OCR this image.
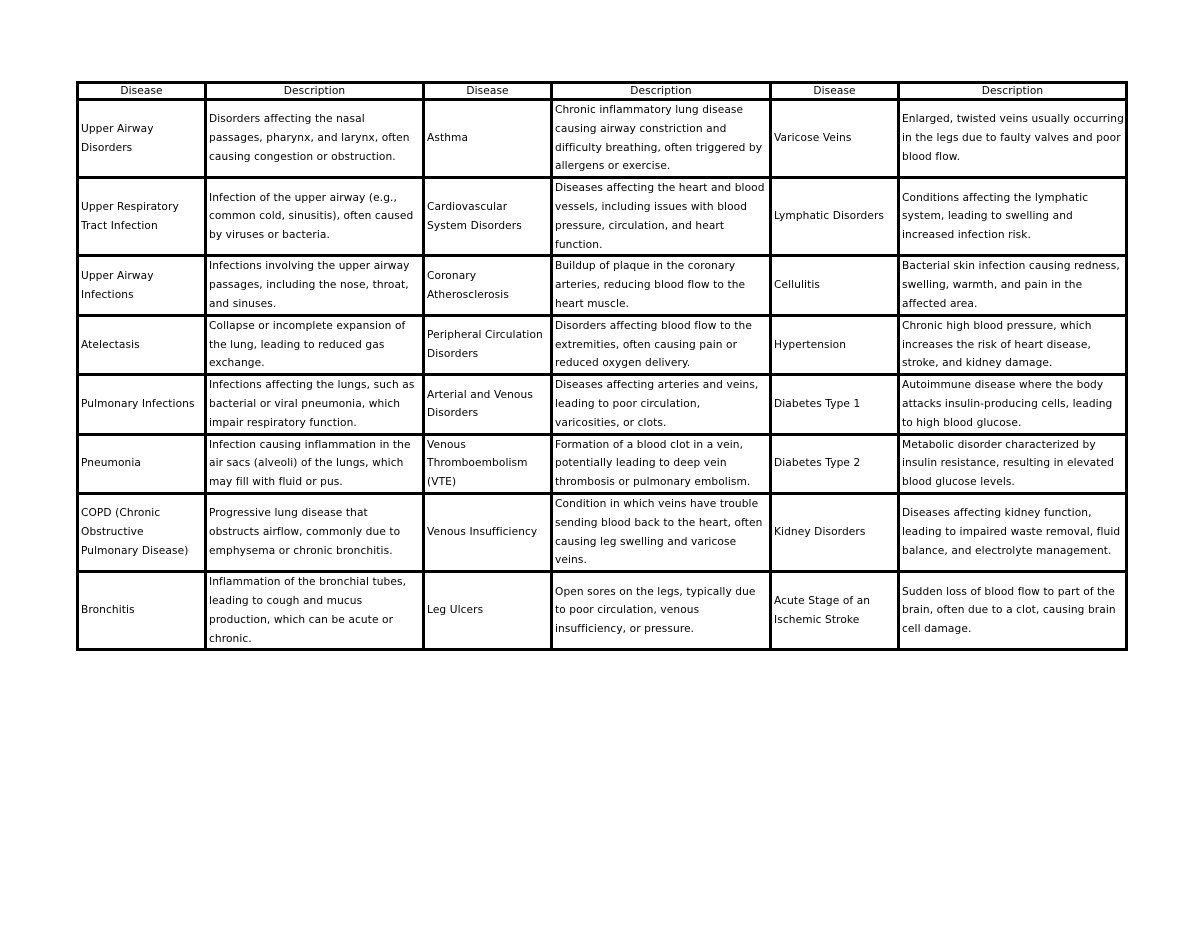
Disease	Description	Disease	Description	Disease	Description
Upper Airway Disorders	Disorders affecting the nasal passages, pharynx, and larynx, often causing congestion or obstruction.	Asthma	Chronic inflammatory lung disease causing airway constriction and difficulty breathing, often triggered by allergens or exercise.	Varicose Veins	Enlarged, twisted veins usually occurring in the legs due to faulty valves and poor blood flow.
Upper Respiratory Tract Infection	Infection of the upper airway (e.g., common cold, sinusitis), often caused by viruses or bacteria.	Cardiovascular System Disorders	Diseases affecting the heart and blood vessels, including issues with blood pressure, circulation, and heart function.	Lymphatic Disorders	Conditions affecting the lymphatic system, leading to swelling and increased infection risk.
Upper Airway Infections	Infections involving the upper airway passages, including the nose, throat, and sinuses.	Coronary Atherosclerosis	Buildup of plaque in the coronary arteries, reducing blood flow to the heart muscle.	Cellulitis	Bacterial skin infection causing redness, swelling, warmth, and pain in the affected area.
Atelectasis	Collapse or incomplete expansion of the lung, leading to reduced gas exchange.	Peripheral Circulation Disorders	Disorders affecting blood flow to the extremities, often causing pain or reduced oxygen delivery.	Hypertension	Chronic high blood pressure, which increases the risk of heart disease, stroke, and kidney damage.
Pulmonary Infections	Infections affecting the lungs, such as bacterial or viral pneumonia, which impair respiratory function.	Arterial and Venous Disorders	Diseases affecting arteries and veins, leading to poor circulation, varicosities, or clots.	Diabetes Type 1	Autoimmune disease where the body attacks insulin-producing cells, leading to high blood glucose.
Pneumonia	Infection causing inflammation in the air sacs (alveoli) of the lungs, which may fill with fluid or pus.	Venous Thromboembolism (VTE)	Formation of a blood clot in a vein, potentially leading to deep vein thrombosis or pulmonary embolism.	Diabetes Type 2	Metabolic disorder characterized by insulin resistance, resulting in elevated blood glucose levels.
COPD (Chronic Obstructive Pulmonary Disease)	Progressive lung disease that obstructs airflow, commonly due to emphysema or chronic bronchitis.	Venous Insufficiency	Condition in which veins have trouble sending blood back to the heart, often causing leg swelling and varicose veins.	Kidney Disorders	Diseases affecting kidney function, leading to impaired waste removal, fluid balance, and electrolyte management.
Bronchitis	Inflammation of the bronchial tubes, leading to cough and mucus production, which can be acute or chronic.	Leg Ulcers	Open sores on the legs, typically due to poor circulation, venous insufficiency, or pressure.	Acute Stage of an Ischemic Stroke	Sudden loss of blood flow to part of the brain, often due to a clot, causing brain cell damage.
